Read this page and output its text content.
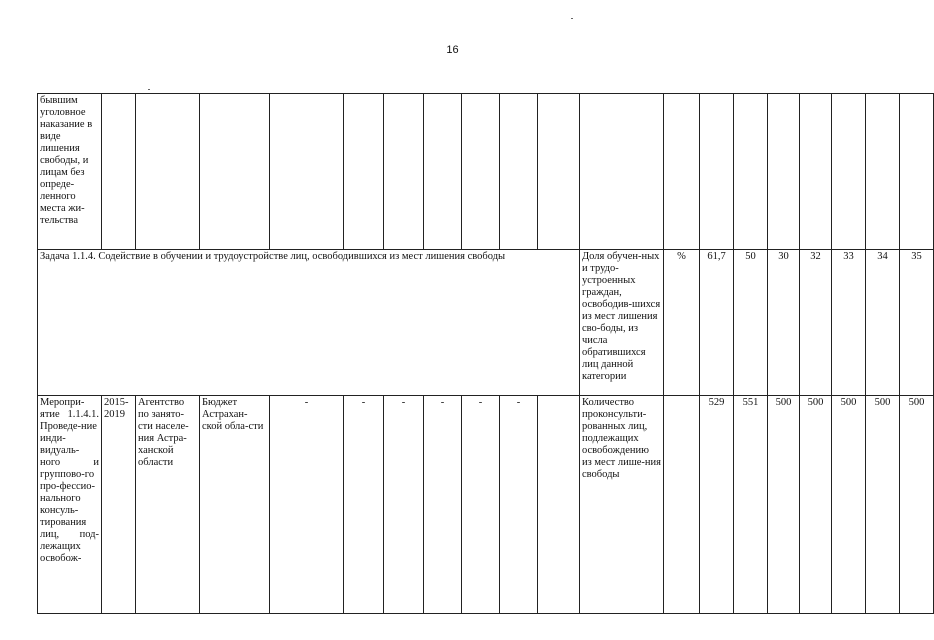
16
бывшим уголовное наказание в виде лишения свободы, и лицам без опреде-ленного места жи-тельства																			

Задача 1.1.4. Содействие в обучении и трудоустройстве лиц, освободившихся из мест лишения свободы											Доля обучен-ных и трудо-устроенных граждан, освободив-шихся из мест лишения сво-боды, из числа обратившихся лиц данной категории	%	61,7	50	30	32	33	34	35

Меропри-ятие 1.1.4.1. Проведе-ние инди-видуаль-ного и группово-го про-фессио-нального консуль-тирования лиц, под-лежащих освобож-	2015-2019	Агентство по занято-сти населе-ния Астра-ханской области	Бюджет Астрахан-ской обла-сти	-	-	-	-	-	-		Количество проконсульти-рованных лиц, подлежащих освобождению из мест лише-ния свободы		529	551	500	500	500	500	500
